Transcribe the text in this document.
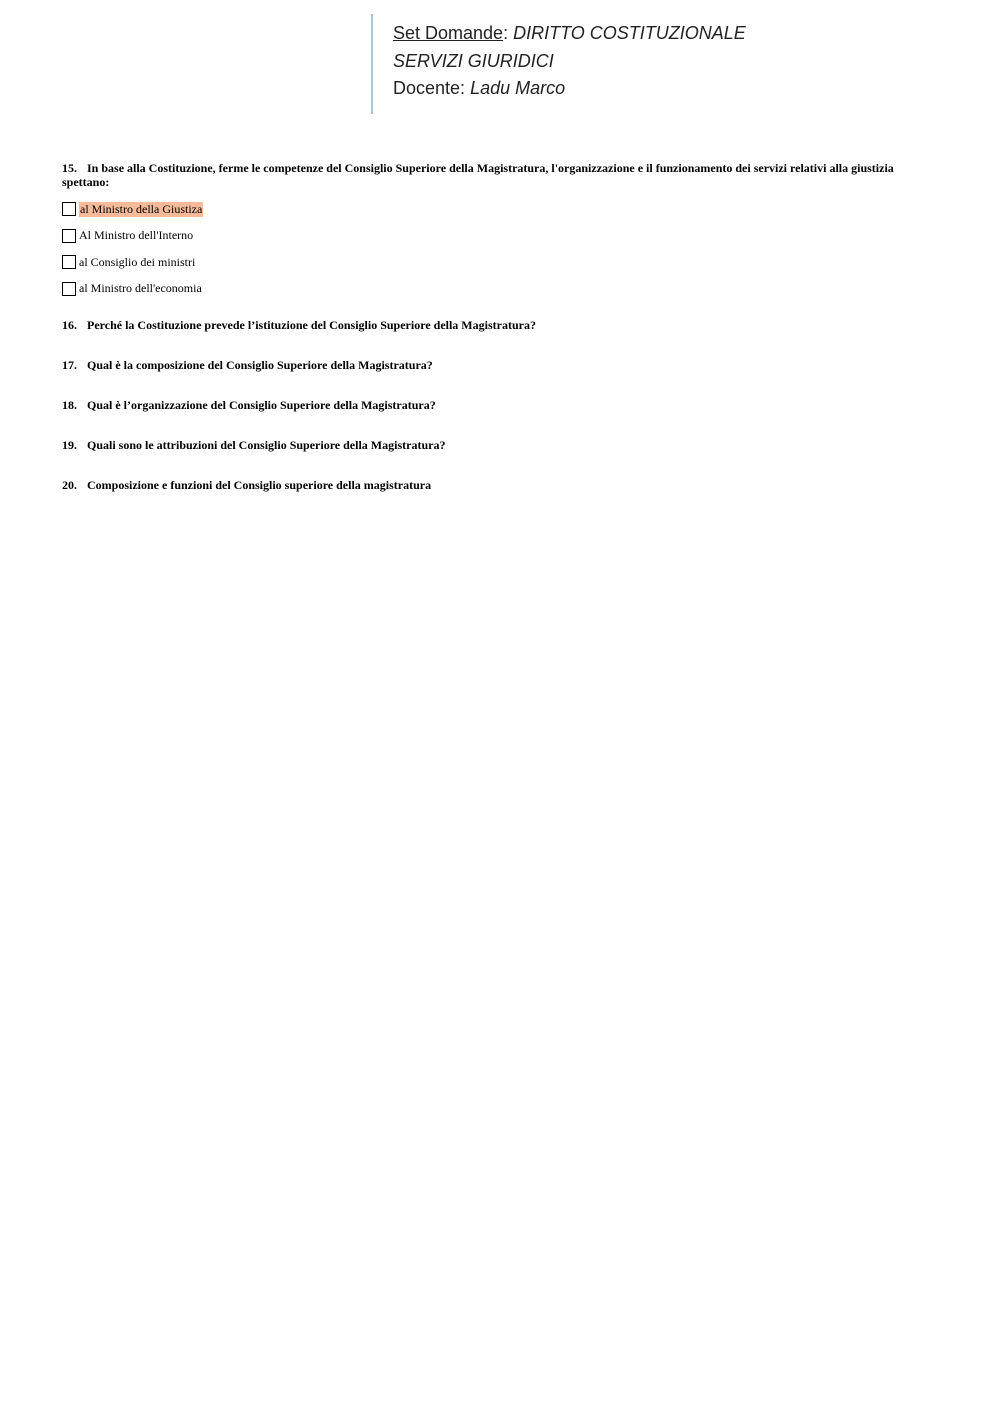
Set Domande: DIRITTO COSTITUZIONALE
SERVIZI GIURIDICI
Docente: Ladu Marco
15. In base alla Costituzione, ferme le competenze del Consiglio Superiore della Magistratura, l'organizzazione e il funzionamento dei servizi relativi alla giustizia spettano:
al Ministro della Giustiza
Al Ministro dell'Interno
al Consiglio dei ministri
al Ministro dell'economia
16. Perché la Costituzione prevede l’istituzione del Consiglio Superiore della Magistratura?
17. Qual è la composizione del Consiglio Superiore della Magistratura?
18. Qual è l’organizzazione del Consiglio Superiore della Magistratura?
19. Quali sono le attribuzioni del Consiglio Superiore della Magistratura?
20. Composizione e funzioni del Consiglio superiore della magistratura
